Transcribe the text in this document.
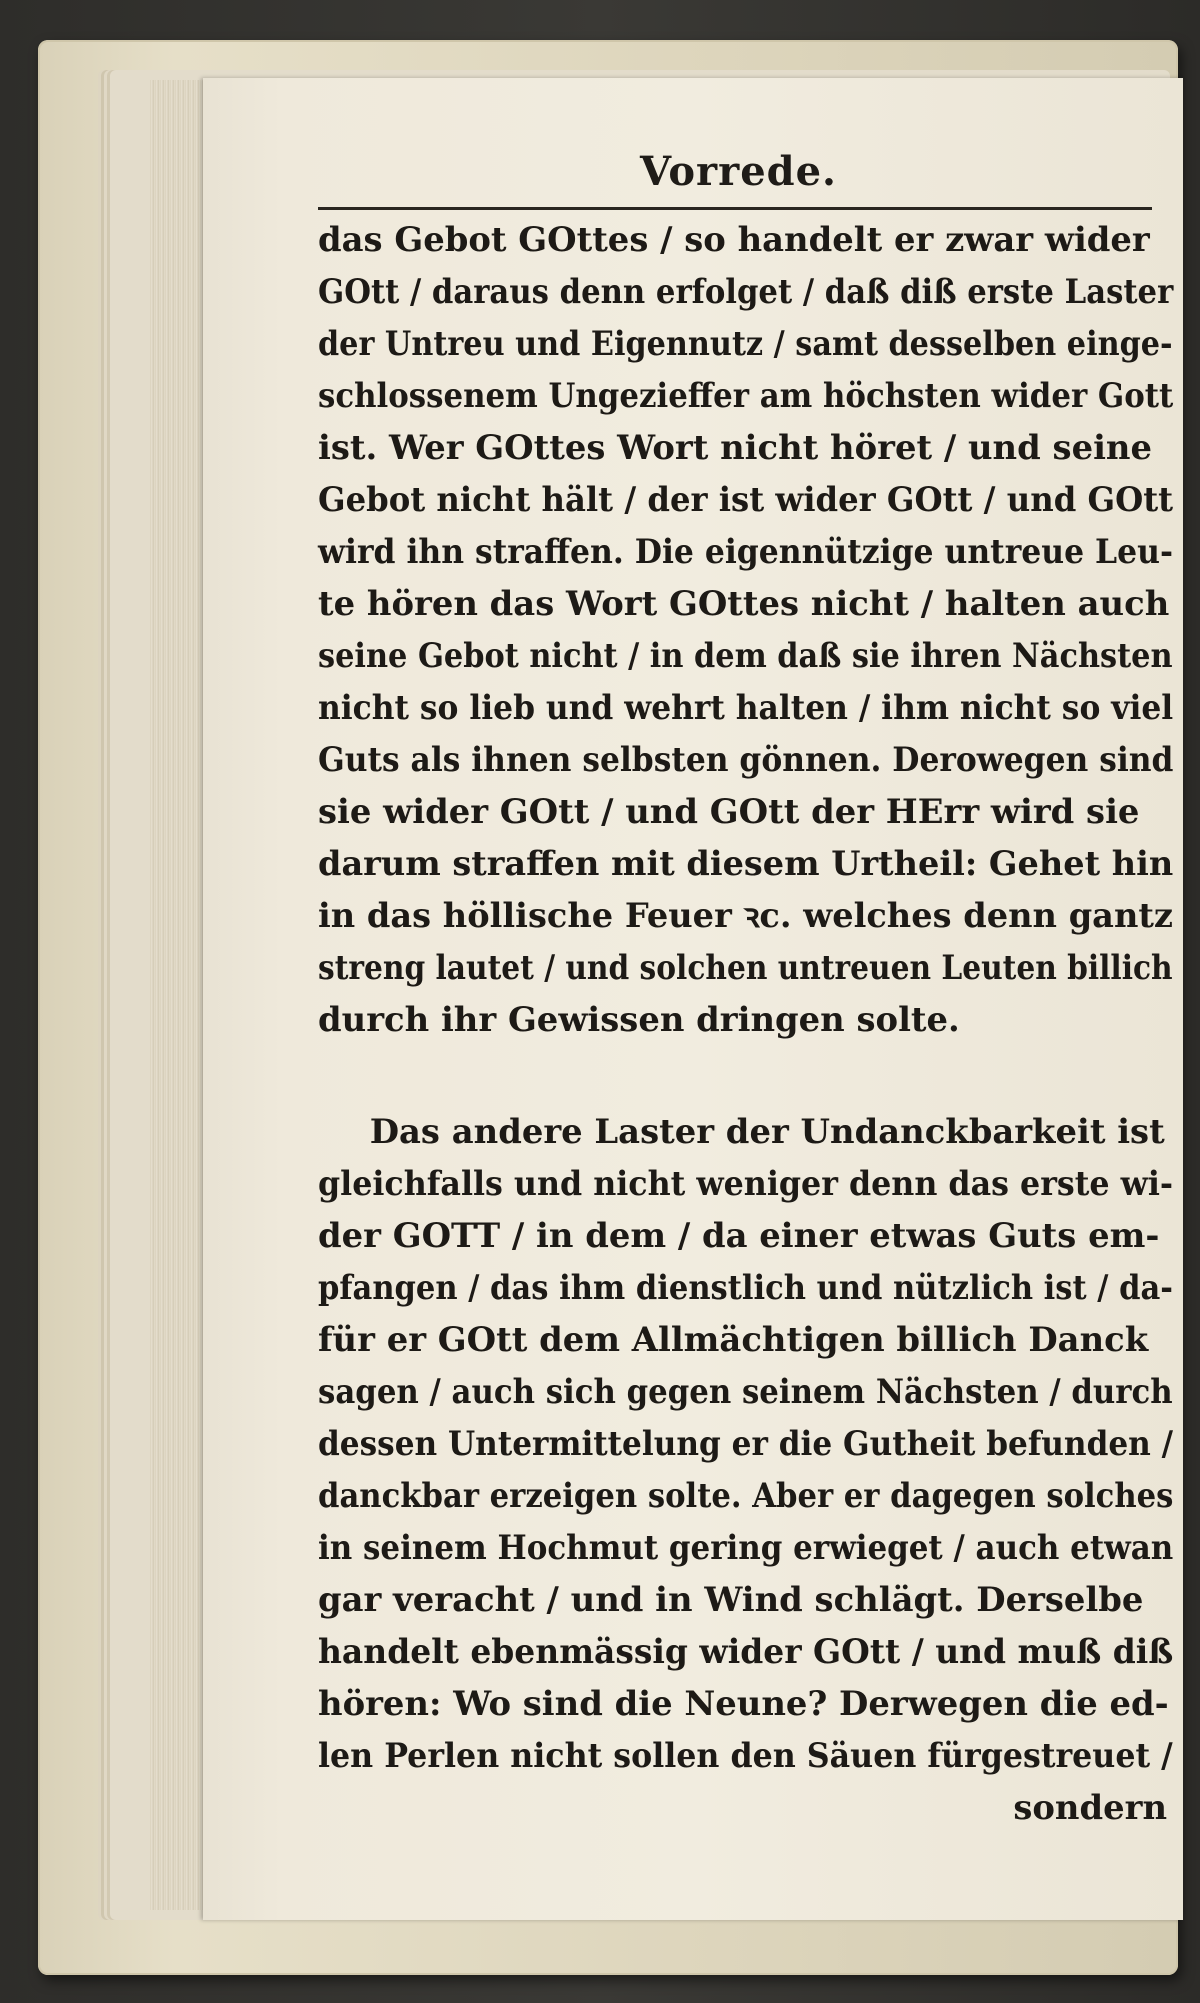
Vorrede.
das Gebot GOttes / so handelt er zwar wider
GOtt / daraus denn erfolget / daß diß erste Laster
der Untreu und Eigennutz / samt desselben einge-
schlossenem Ungezieffer am höchsten wider Gott
ist. Wer GOttes Wort nicht höret / und seine
Gebot nicht hält / der ist wider GOtt / und GOtt
wird ihn straffen. Die eigennützige untreue Leu-
te hören das Wort GOttes nicht / halten auch
seine Gebot nicht / in dem daß sie ihren Nächsten
nicht so lieb und wehrt halten / ihm nicht so viel
Guts als ihnen selbsten gönnen. Derowegen sind
sie wider GOtt / und GOtt der HErr wird sie
darum straffen mit diesem Urtheil: Gehet hin
in das höllische Feuer ꝛc. welches denn gantz
streng lautet / und solchen untreuen Leuten billich
durch ihr Gewissen dringen solte.
Das andere Laster der Undanckbarkeit ist
gleichfalls und nicht weniger denn das erste wi-
der GOTT / in dem / da einer etwas Guts em-
pfangen / das ihm dienstlich und nützlich ist / da-
für er GOtt dem Allmächtigen billich Danck
sagen / auch sich gegen seinem Nächsten / durch
dessen Untermittelung er die Gutheit befunden /
danckbar erzeigen solte. Aber er dagegen solches
in seinem Hochmut gering erwieget / auch etwan
gar veracht / und in Wind schlägt. Derselbe
handelt ebenmässig wider GOtt / und muß diß
hören: Wo sind die Neune? Derwegen die ed-
len Perlen nicht sollen den Säuen fürgestreuet /
sondern
